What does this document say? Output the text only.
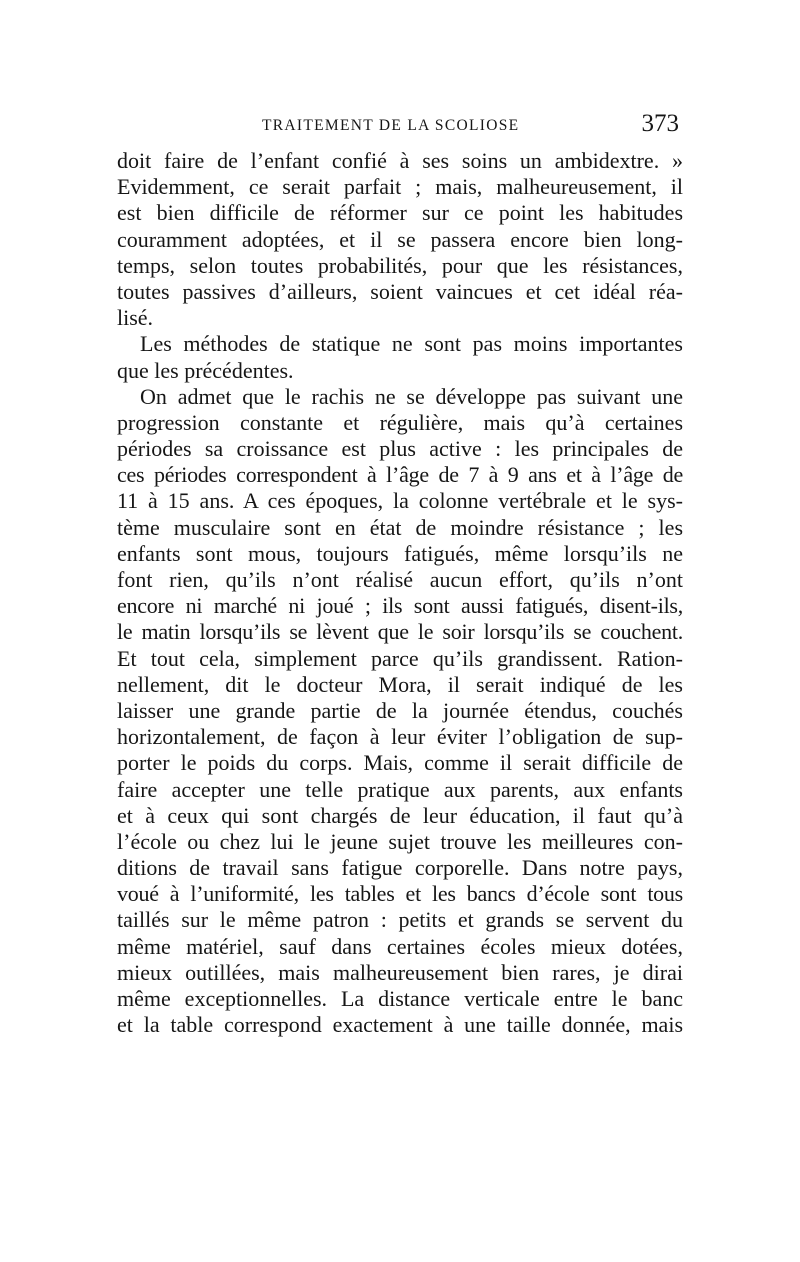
TRAITEMENT DE LA SCOLIOSE	373
doit faire de l’enfant confié à ses soins un ambidextre. »
Evidemment, ce serait parfait ; mais, malheureusement, il
est bien difficile de réformer sur ce point les habitudes
couramment adoptées, et il se passera encore bien long-
temps, selon toutes probabilités, pour que les résistances,
toutes passives d’ailleurs, soient vaincues et cet idéal réa-
lisé.
Les méthodes de statique ne sont pas moins importantes
que les précédentes.
On admet que le rachis ne se développe pas suivant une
progression constante et régulière, mais qu’à certaines
périodes sa croissance est plus active : les principales de
ces périodes correspondent à l’âge de 7 à 9 ans et à l’âge de
11 à 15 ans. A ces époques, la colonne vertébrale et le sys-
tème musculaire sont en état de moindre résistance ; les
enfants sont mous, toujours fatigués, même lorsqu’ils ne
font rien, qu’ils n’ont réalisé aucun effort, qu’ils n’ont
encore ni marché ni joué ; ils sont aussi fatigués, disent-ils,
le matin lorsqu’ils se lèvent que le soir lorsqu’ils se couchent.
Et tout cela, simplement parce qu’ils grandissent. Ration-
nellement, dit le docteur Mora, il serait indiqué de les
laisser une grande partie de la journée étendus, couchés
horizontalement, de façon à leur éviter l’obligation de sup-
porter le poids du corps. Mais, comme il serait difficile de
faire accepter une telle pratique aux parents, aux enfants
et à ceux qui sont chargés de leur éducation, il faut qu’à
l’école ou chez lui le jeune sujet trouve les meilleures con-
ditions de travail sans fatigue corporelle. Dans notre pays,
voué à l’uniformité, les tables et les bancs d’école sont tous
taillés sur le même patron : petits et grands se servent du
même matériel, sauf dans certaines écoles mieux dotées,
mieux outillées, mais malheureusement bien rares, je dirai
même exceptionnelles. La distance verticale entre le banc
et la table correspond exactement à une taille donnée, mais
